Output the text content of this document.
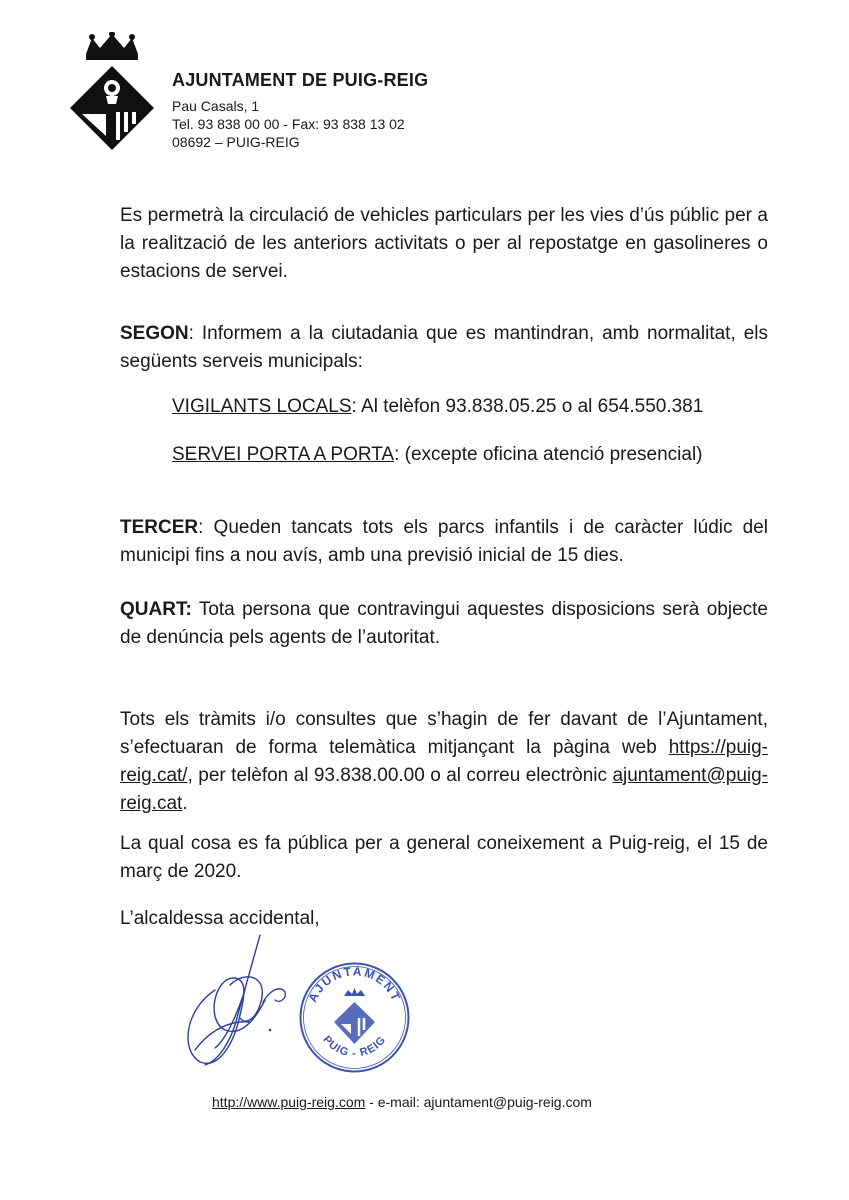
AJUNTAMENT DE PUIG-REIG

Pau Casals, 1

Tel. 93 838 00 00 - Fax: 93 838 13 02

08692 – PUIG-REIG

Es permetrà la circulació de vehicles particulars per les vies d’ús públic per a la realització de les anteriors activitats o per al repostatge en gasolineres o estacions de servei.

SEGON: Informem a la ciutadania que es mantindran, amb normalitat, els següents serveis municipals:

VIGILANTS LOCALS: Al telèfon 93.838.05.25 o al 654.550.381

SERVEI PORTA A PORTA: (excepte oficina atenció presencial)

TERCER: Queden tancats tots els parcs infantils i de caràcter lúdic del municipi fins a nou avís, amb una previsió inicial de 15 dies.

QUART: Tota persona que contravingui aquestes disposicions serà objecte de denúncia pels agents de l’autoritat.

Tots els tràmits i/o consultes que s’hagin de fer davant de l’Ajuntament, s’efectuaran de forma telemàtica mitjançant la pàgina web https://puig-reig.cat/, per telèfon al 93.838.00.00 o al correu electrònic ajuntament@puig-reig.cat.

La qual cosa es fa pública per a general coneixement a Puig-reig, el 15 de març de 2020.

L’alcaldessa accidental,

AJUNTAMENT
PUIG - REIG
http://www.puig-reig.com - e-mail: ajuntament@puig-reig.com
